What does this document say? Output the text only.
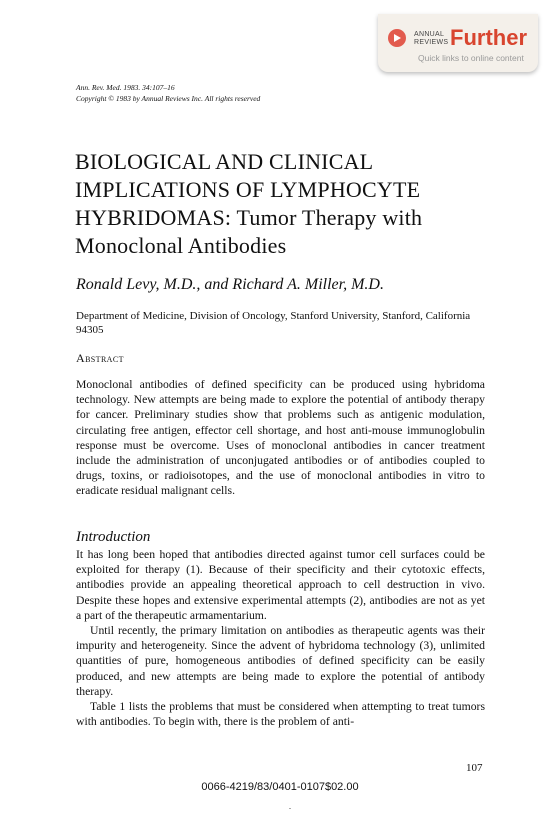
ANNUAL
REVIEWS Further
Quick links to online content
Ann. Rev. Med. 1983. 34:107–16
Copyright © 1983 by Annual Reviews Inc. All rights reserved
BIOLOGICAL AND CLINICAL IMPLICATIONS OF LYMPHOCYTE HYBRIDOMAS: Tumor Therapy with Monoclonal Antibodies
Ronald Levy, M.D., and Richard A. Miller, M.D.
Department of Medicine, Division of Oncology, Stanford University, Stanford, California 94305
Abstract

Monoclonal antibodies of defined specificity can be produced using hybridoma technology. New attempts are being made to explore the potential of antibody therapy for cancer. Preliminary studies show that problems such as antigenic modulation, circulating free antigen, effector cell shortage, and host anti-mouse immunoglobulin response must be overcome. Uses of monoclonal antibodies in cancer treatment include the administration of unconjugated antibodies or of antibodies coupled to drugs, toxins, or radioisotopes, and the use of monoclonal antibodies in vitro to eradicate residual malignant cells.

Introduction

It has long been hoped that antibodies directed against tumor cell surfaces could be exploited for therapy (1). Because of their specificity and their cytotoxic effects, antibodies provide an appealing theoretical approach to cell destruction in vivo. Despite these hopes and extensive experimental attempts (2), antibodies are not as yet a part of the therapeutic armamentarium.

Until recently, the primary limitation on antibodies as therapeutic agents was their impurity and heterogeneity. Since the advent of hybridoma technology (3), unlimited quantities of pure, homogeneous antibodies of defined specificity can be easily produced, and new attempts are being made to explore the potential of antibody therapy.

Table 1 lists the problems that must be considered when attempting to treat tumors with antibodies. To begin with, there is the problem of anti-

107
0066-4219/83/0401-0107$02.00
